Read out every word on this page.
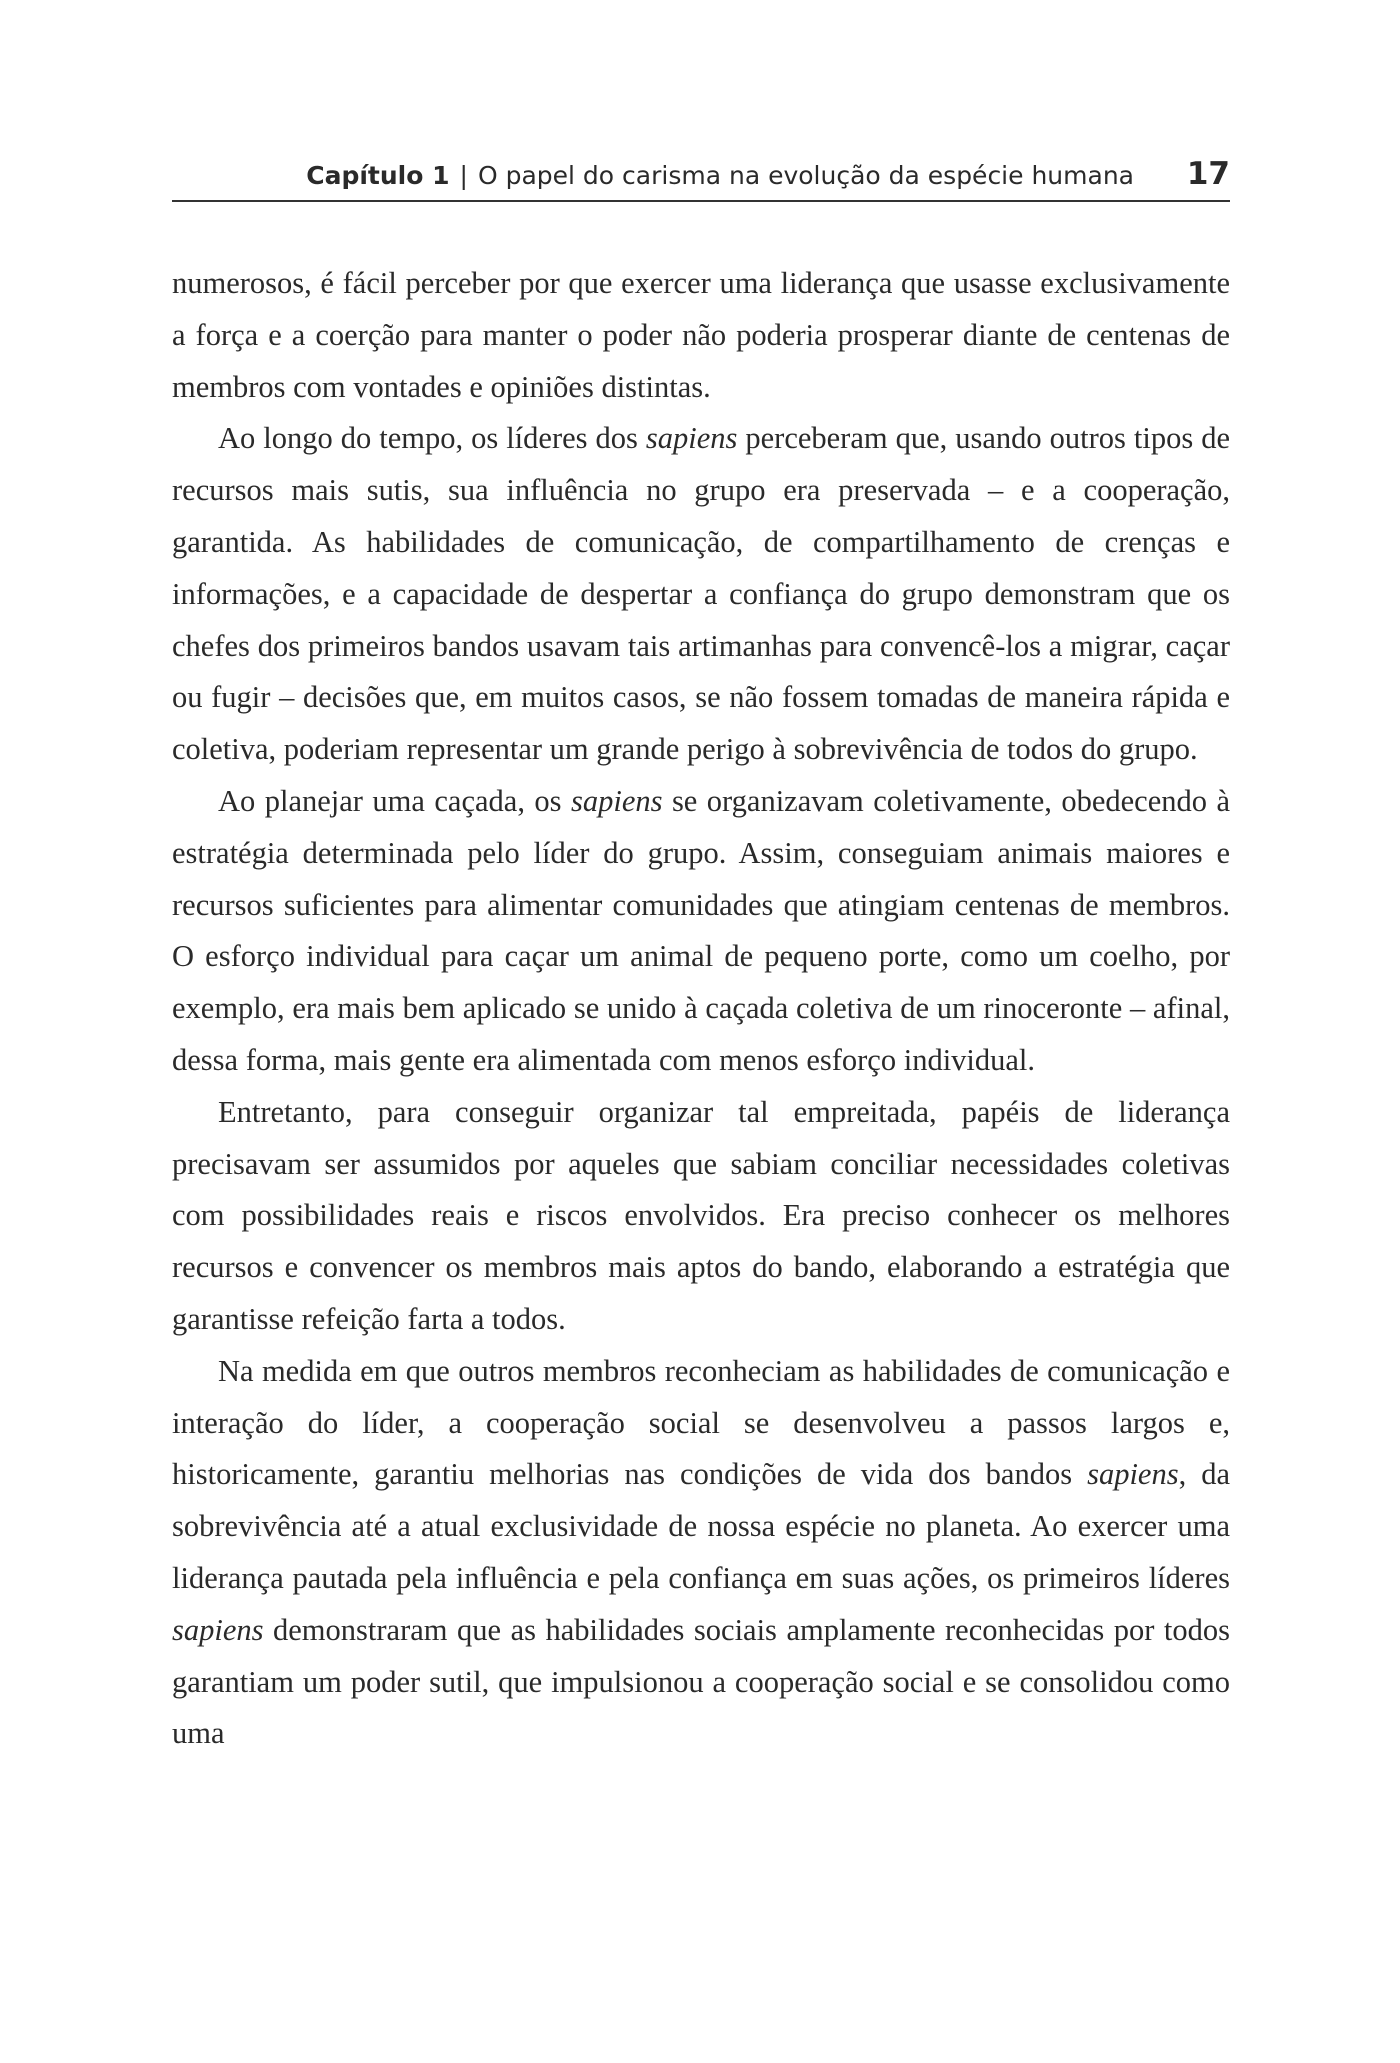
Capítulo 1 | O papel do carisma na evolução da espécie humana 17

numerosos, é fácil perceber por que exercer uma liderança que usasse exclusivamente a força e a coerção para manter o poder não poderia prosperar diante de centenas de membros com vontades e opiniões distintas.

Ao longo do tempo, os líderes dos sapiens perceberam que, usando outros tipos de recursos mais sutis, sua influência no grupo era preservada – e a cooperação, garantida. As habilidades de comunicação, de compartilhamento de crenças e informações, e a capacidade de despertar a confiança do grupo demonstram que os chefes dos primeiros bandos usavam tais artimanhas para convencê-los a migrar, caçar ou fugir – decisões que, em muitos casos, se não fossem tomadas de maneira rápida e coletiva, poderiam representar um grande perigo à sobrevivência de todos do grupo.

Ao planejar uma caçada, os sapiens se organizavam coletivamente, obedecendo à estratégia determinada pelo líder do grupo. Assim, conseguiam animais maiores e recursos suficientes para alimentar comunidades que atingiam centenas de membros. O esforço individual para caçar um animal de pequeno porte, como um coelho, por exemplo, era mais bem aplicado se unido à caçada coletiva de um rinoceronte – afinal, dessa forma, mais gente era alimentada com menos esforço individual.

Entretanto, para conseguir organizar tal empreitada, papéis de liderança precisavam ser assumidos por aqueles que sabiam conciliar necessidades coletivas com possibilidades reais e riscos envolvidos. Era preciso conhecer os melhores recursos e convencer os membros mais aptos do bando, elaborando a estratégia que garantisse refeição farta a todos.

Na medida em que outros membros reconheciam as habilidades de comunicação e interação do líder, a cooperação social se desenvolveu a passos largos e, historicamente, garantiu melhorias nas condições de vida dos bandos sapiens, da sobrevivência até a atual exclusividade de nossa espécie no planeta. Ao exercer uma liderança pautada pela influência e pela confiança em suas ações, os primeiros líderes sapiens demonstraram que as habilidades sociais amplamente reconhecidas por todos garantiam um poder sutil, que impulsionou a cooperação social e se consolidou como uma
